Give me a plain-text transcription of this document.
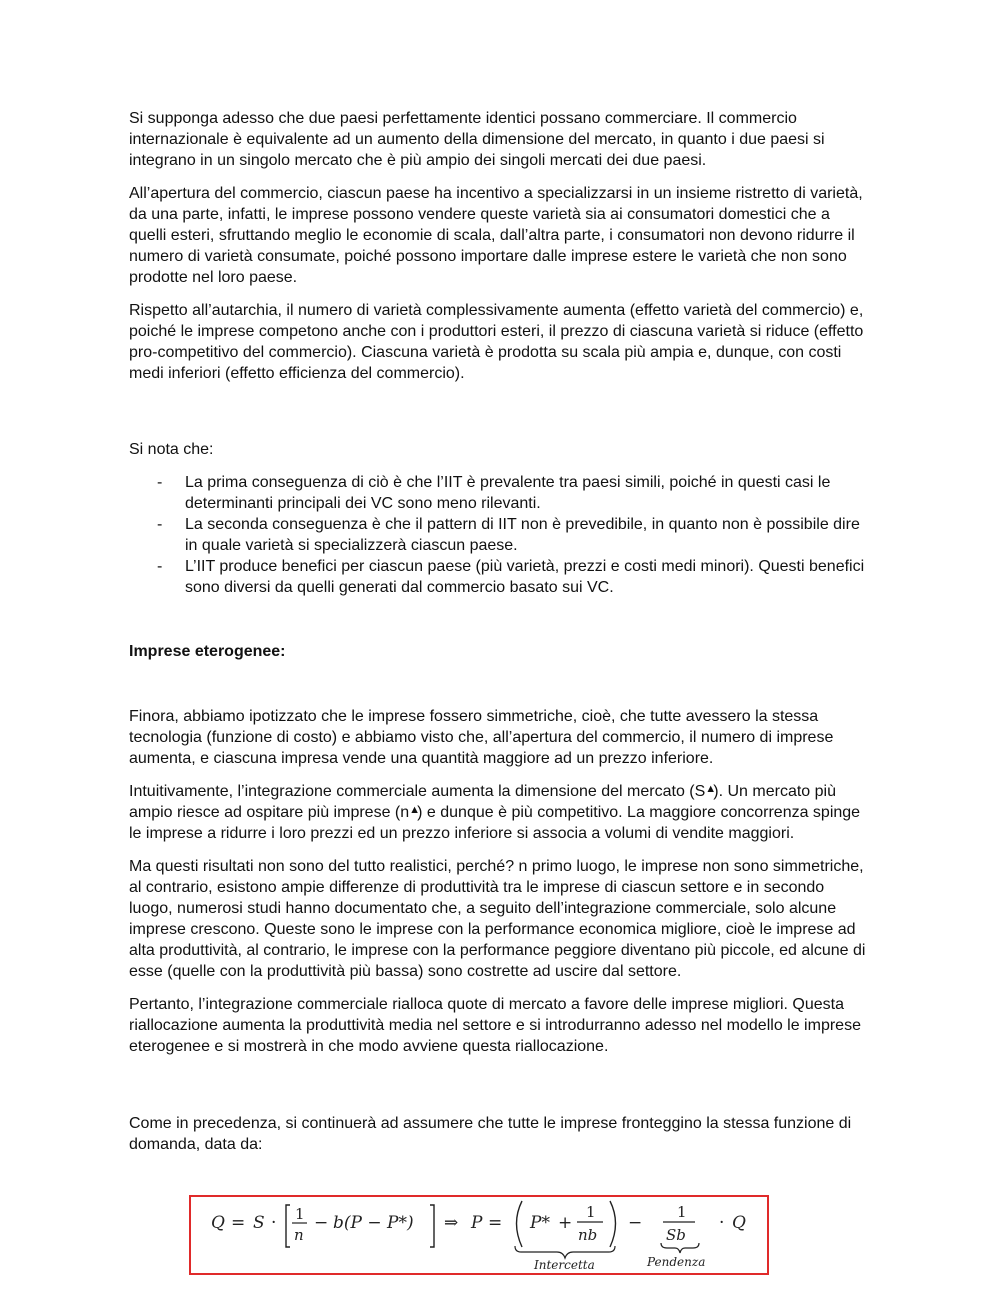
Si supponga adesso che due paesi perfettamente identici possano commerciare. Il commercio internazionale è equivalente ad un aumento della dimensione del mercato, in quanto i due paesi si integrano in un singolo mercato che è più ampio dei singoli mercati dei due paesi.

All’apertura del commercio, ciascun paese ha incentivo a specializzarsi in un insieme ristretto di varietà, da una parte, infatti, le imprese possono vendere queste varietà sia ai consumatori domestici che a quelli esteri, sfruttando meglio le economie di scala, dall’altra parte, i consumatori non devono ridurre il numero di varietà consumate, poiché possono importare dalle imprese estere le varietà che non sono prodotte nel loro paese.

Rispetto all’autarchia, il numero di varietà complessivamente aumenta (effetto varietà del commercio) e, poiché le imprese competono anche con i produttori esteri, il prezzo di ciascuna varietà si riduce (effetto pro-competitivo del commercio). Ciascuna varietà è prodotta su scala più ampia e, dunque, con costi medi inferiori (effetto efficienza del commercio).

Si nota che:

- La prima conseguenza di ciò è che l’IIT è prevalente tra paesi simili, poiché in questi casi le determinanti principali dei VC sono meno rilevanti.
- La seconda conseguenza è che il pattern di IIT non è prevedibile, in quanto non è possibile dire in quale varietà si specializzerà ciascun paese.
- L’IIT produce benefici per ciascun paese (più varietà, prezzi e costi medi minori). Questi benefici sono diversi da quelli generati dal commercio basato sui VC.
Imprese eterogenee:

Finora, abbiamo ipotizzato che le imprese fossero simmetriche, cioè, che tutte avessero la stessa tecnologia (funzione di costo) e abbiamo visto che, all’apertura del commercio, il numero di imprese aumenta, e ciascuna impresa vende una quantità maggiore ad un prezzo inferiore.

Intuitivamente, l’integrazione commerciale aumenta la dimensione del mercato (S ▲
). Un mercato più ampio riesce ad ospitare più imprese (n ▲
) e dunque è più competitivo. La maggiore concorrenza spinge le imprese a ridurre i loro prezzi ed un prezzo inferiore si associa a volumi di vendite maggiori.

Ma questi risultati non sono del tutto realistici, perché? n primo luogo, le imprese non sono simmetriche, al contrario, esistono ampie differenze di produttività tra le imprese di ciascun settore e in secondo luogo, numerosi studi hanno documentato che, a seguito dell’integrazione commerciale, solo alcune imprese crescono. Queste sono le imprese con la performance economica migliore, cioè le imprese ad alta produttività, al contrario, le imprese con la performance peggiore diventano più piccole, ed alcune di esse (quelle con la produttività più bassa) sono costrette ad uscire dal settore.

Pertanto, l’integrazione commerciale rialloca quote di mercato a favore delle imprese migliori. Questa riallocazione aumenta la produttività media nel settore e si introdurranno adesso nel modello le imprese eterogenee e si mostrerà in che modo avviene questa riallocazione.

Come in precedenza, si continuerà ad assumere che tutte le imprese fronteggino la stessa funzione di domanda, data da:

Q = S · 1
n
− b(P − P*) ⇒ P = P* +
1
nb
−
1
Sb
· Q
Intercetta	Pendenza
